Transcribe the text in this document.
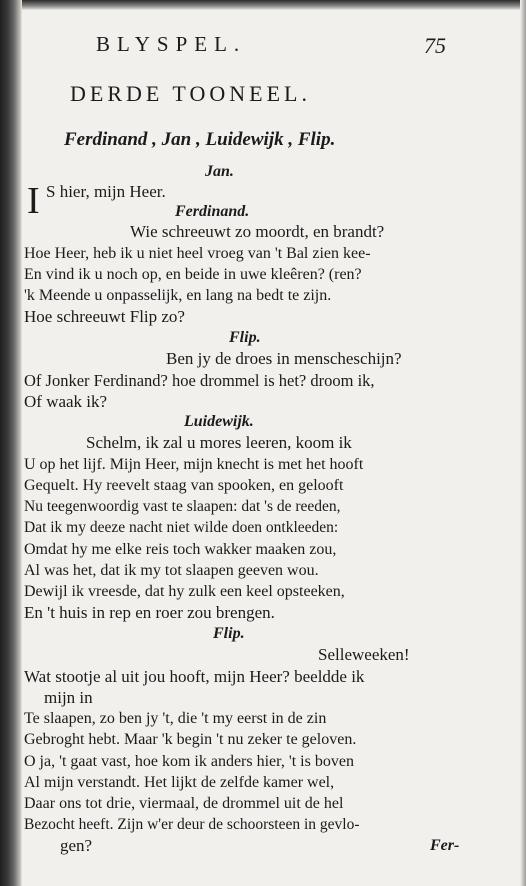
BLYSPEL.	75
DERDE TOONEEL.
Ferdinand , Jan , Luidewijk , Flip.
Jan.
I S hier, mijn Heer.
Ferdinand.
Wie schreeuwt zo moordt, en brandt?
Hoe Heer, heb ik u niet heel vroeg van 't Bal zien kee-
En vind ik u noch op, en beide in uwe kleêren? (ren?
'k Meende u onpasselijk, en lang na bedt te zijn.
Hoe schreeuwt Flip zo?
Flip.
Ben jy de droes in menscheschijn?
Of Jonker Ferdinand? hoe drommel is het? droom ik,
Of waak ik?
Luidewijk.
Schelm, ik zal u mores leeren, koom ik
U op het lijf. Mijn Heer, mijn knecht is met het hooft
Gequelt. Hy reevelt staag van spooken, en gelooft
Nu teegenwoordig vast te slaapen: dat 's de reeden,
Dat ik my deeze nacht niet wilde doen ontkleeden:
Omdat hy me elke reis toch wakker maaken zou,
Al was het, dat ik my tot slaapen geeven wou.
Dewijl ik vreesde, dat hy zulk een keel opsteeken,
En 't huis in rep en roer zou brengen.
Flip.
Selleweeken!
Wat stootje al uit jou hooft, mijn Heer? beeldde ik
mijn in
Te slaapen, zo ben jy 't, die 't my eerst in de zin
Gebroght hebt. Maar 'k begin 't nu zeker te geloven.
O ja, 't gaat vast, hoe kom ik anders hier, 't is boven
Al mijn verstandt. Het lijkt de zelfde kamer wel,
Daar ons tot drie, viermaal, de drommel uit de hel
Bezocht heeft. Zijn w'er deur de schoorsteen in gevlo-
gen?	Fer-
